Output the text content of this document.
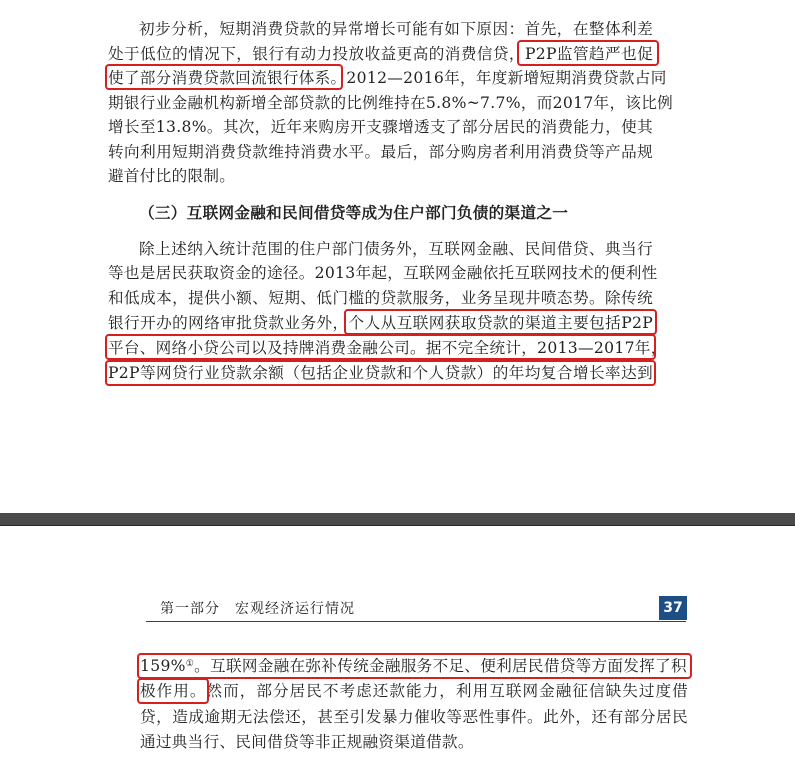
初步分析，短期消费贷款的异常增长可能有如下原因：首先，在整体利差
处于低位的情况下，银行有动力投放收益更高的消费信贷，P2P监管趋严也促
使了部分消费贷款回流银行体系。2012—2016年，年度新增短期消费贷款占同
期银行业金融机构新增全部贷款的比例维持在5.8%~7.7%，而2017年，该比例
增长至13.8%。其次，近年来购房开支骤增透支了部分居民的消费能力，使其
转向利用短期消费贷款维持消费水平。最后，部分购房者利用消费贷等产品规
避首付比的限制。
（三）互联网金融和民间借贷等成为住户部门负债的渠道之一
除上述纳入统计范围的住户部门债务外，互联网金融、民间借贷、典当行
等也是居民获取资金的途径。2013年起，互联网金融依托互联网技术的便利性
和低成本，提供小额、短期、低门槛的贷款服务，业务呈现井喷态势。除传统
银行开办的网络审批贷款业务外，个人从互联网获取贷款的渠道主要包括P2P
平台、网络小贷公司以及持牌消费金融公司。据不完全统计，2013—2017年，
P2P等网贷行业贷款余额（包括企业贷款和个人贷款）的年均复合增长率达到
第一部分　宏观经济运行情况	37
159%①。互联网金融在弥补传统金融服务不足、便利居民借贷等方面发挥了积
极作用。然而，部分居民不考虑还款能力，利用互联网金融征信缺失过度借
贷，造成逾期无法偿还，甚至引发暴力催收等恶性事件。此外，还有部分居民
通过典当行、民间借贷等非正规融资渠道借款。
